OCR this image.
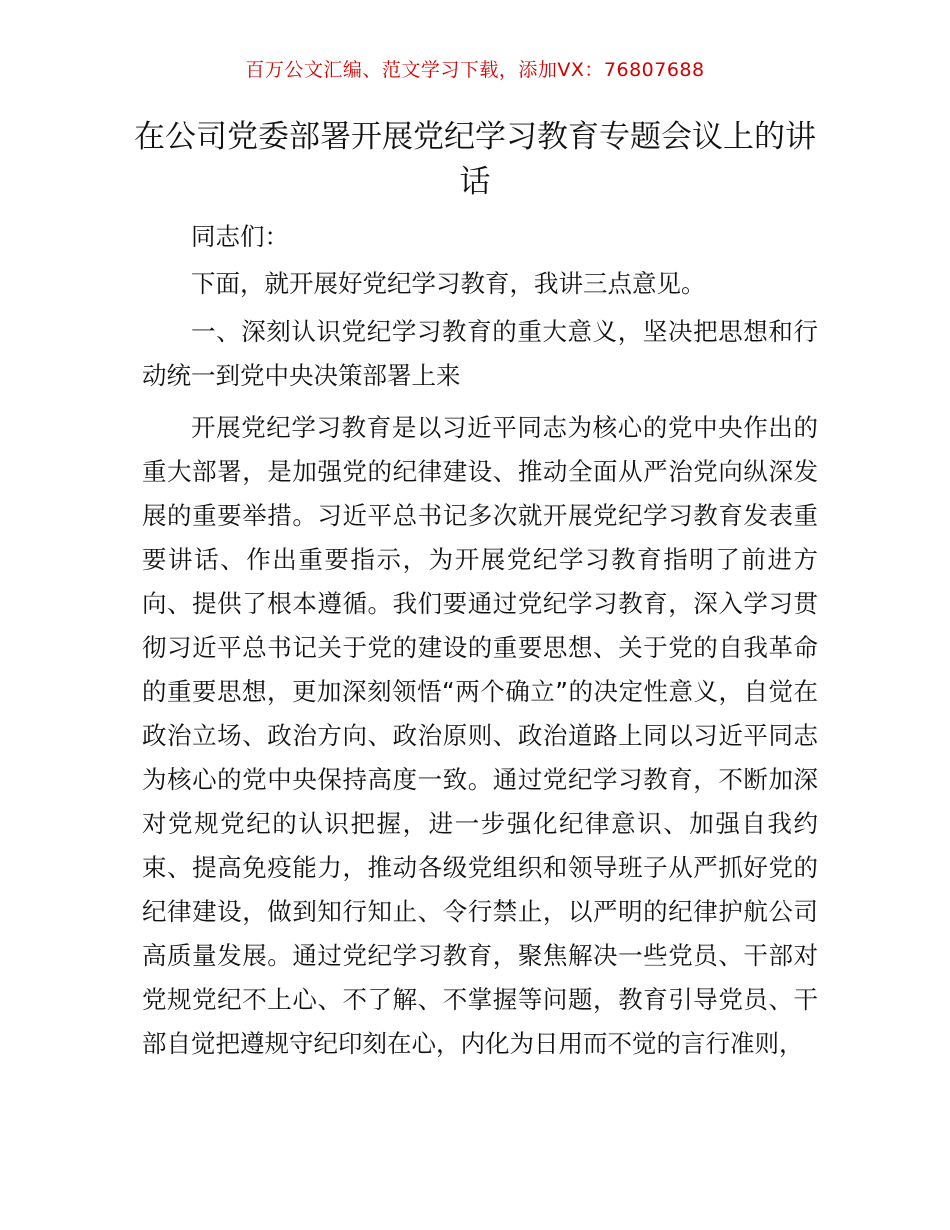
百万公文汇编、范文学习下载，添加VX：76807688
在公司党委部署开展党纪学习教育专题会议上的讲话

同志们：

下面，就开展好党纪学习教育，我讲三点意见。

一、深刻认识党纪学习教育的重大意义，坚决把思想和行动统一到党中央决策部署上来

开展党纪学习教育是以习近平同志为核心的党中央作出的重大部署，是加强党的纪律建设、推动全面从严治党向纵深发展的重要举措。习近平总书记多次就开展党纪学习教育发表重要讲话、作出重要指示，为开展党纪学习教育指明了前进方向、提供了根本遵循。我们要通过党纪学习教育，深入学习贯彻习近平总书记关于党的建设的重要思想、关于党的自我革命的重要思想，更加深刻领悟“两个确立”的决定性意义，自觉在政治立场、政治方向、政治原则、政治道路上同以习近平同志为核心的党中央保持高度一致。通过党纪学习教育，不断加深对党规党纪的认识把握，进一步强化纪律意识、加强自我约束、提高免疫能力，推动各级党组织和领导班子从严抓好党的纪律建设，做到知行知止、令行禁止，以严明的纪律护航公司高质量发展。通过党纪学习教育，聚焦解决一些党员、干部对党规党纪不上心、不了解、不掌握等问题，教育引导党员、干部自觉把遵规守纪印刻在心，内化为日用而不觉的言行准则，
